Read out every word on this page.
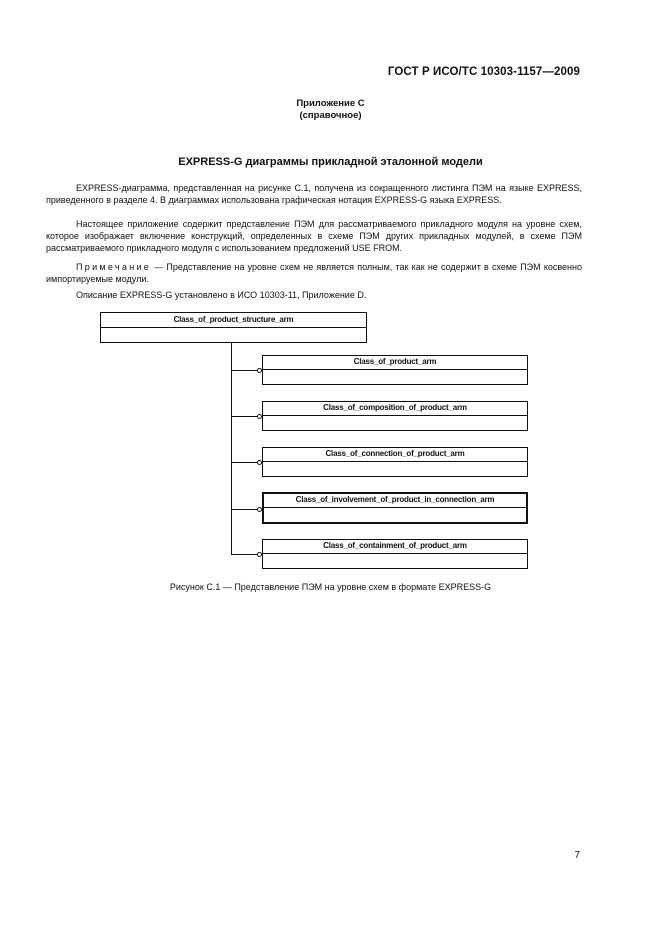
ГОСТ Р ИСО/ТС 10303-1157—2009
Приложение С
(справочное)
EXPRESS-G диаграммы прикладной эталонной модели
EXPRESS-диаграмма, представленная на рисунке С.1, получена из сокращенного листинга ПЭМ на языке EXPRESS, приведенного в разделе 4. В диаграммах использована графическая нотация EXPRESS-G языка EXPRESS.
Настоящее приложение содержит представление ПЭМ для рассматриваемого прикладного модуля на уровне схем, которое изображает включение конструкций, определенных в схеме ПЭМ других прикладных модулей, в схеме ПЭМ рассматриваемого прикладного модуля с использованием предложений USE FROM.
Примечание — Представление на уровне схем не является полным, так как не содержит в схеме ПЭМ косвенно импортируемые модули.
Описание EXPRESS-G установлено в ИСО 10303-11, Приложение D.
Class_of_product_structure_arm
Class_of_product_arm
Class_of_composition_of_product_arm
Class_of_connection_of_product_arm
Class_of_involvement_of_product_in_connection_arm
Class_of_containment_of_product_arm
Рисунок С.1 — Представление ПЭМ на уровне схем в формате EXPRESS-G
7
